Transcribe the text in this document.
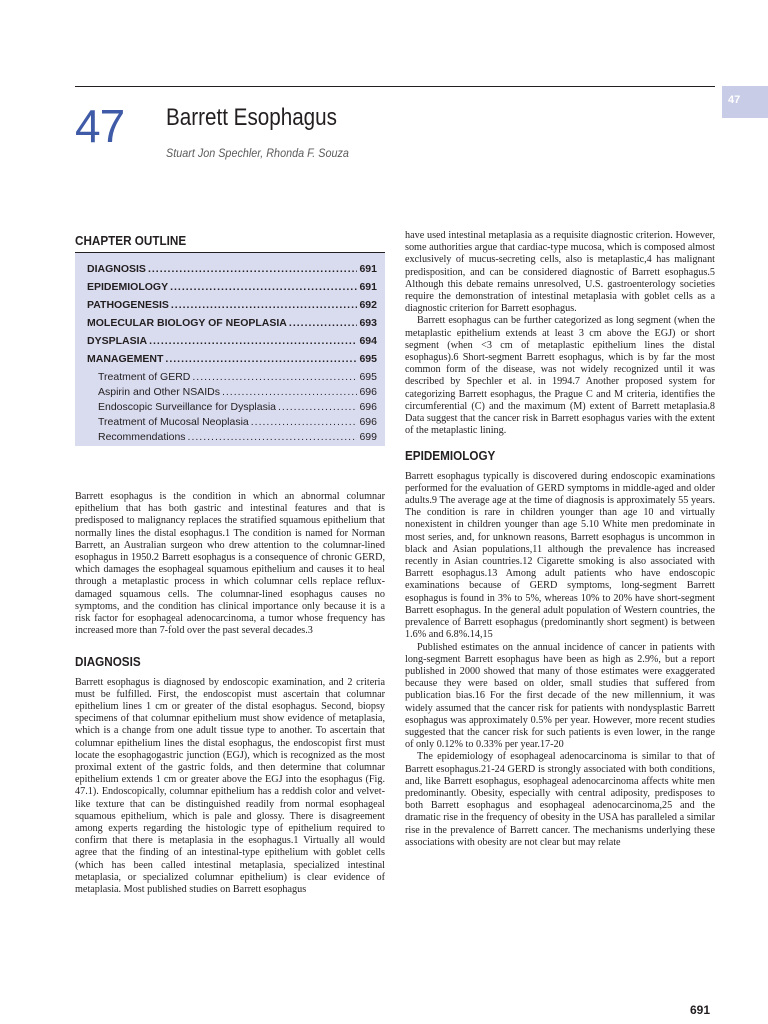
47
47 Barrett Esophagus
Stuart Jon Spechler, Rhonda F. Souza
CHAPTER OUTLINE
DIAGNOSIS .....	691
EPIDEMIOLOGY .....	691
PATHOGENESIS .....	692
MOLECULAR BIOLOGY OF NEOPLASIA .....	693
DYSPLASIA .....	694
MANAGEMENT .....	695
Treatment of GERD .....	695
Aspirin and Other NSAIDs .....	696
Endoscopic Surveillance for Dysplasia .....	696
Treatment of Mucosal Neoplasia .....	696
Recommendations .....	699

Barrett esophagus is the condition in which an abnormal columnar epithelium that has both gastric and intestinal features and that is predisposed to malignancy replaces the stratified squamous epithelium that normally lines the distal esophagus.1 The condition is named for Norman Barrett, an Australian surgeon who drew attention to the columnar-lined esophagus in 1950.2 Barrett esophagus is a consequence of chronic GERD, which damages the esophageal squamous epithelium and causes it to heal through a metaplastic process in which columnar cells replace reflux-damaged squamous cells. The columnar-lined esophagus causes no symptoms, and the condition has clinical importance only because it is a risk factor for esophageal adenocarcinoma, a tumor whose frequency has increased more than 7-fold over the past several decades.3

DIAGNOSIS

Barrett esophagus is diagnosed by endoscopic examination, and 2 criteria must be fulfilled. First, the endoscopist must ascertain that columnar epithelium lines 1 cm or greater of the distal esophagus. Second, biopsy specimens of that columnar epithelium must show evidence of metaplasia, which is a change from one adult tissue type to another. To ascertain that columnar epithelium lines the distal esophagus, the endoscopist first must locate the esophagogastric junction (EGJ), which is recognized as the most proximal extent of the gastric folds, and then determine that columnar epithelium extends 1 cm or greater above the EGJ into the esophagus (Fig. 47.1). Endoscopically, columnar epithelium has a reddish color and velvet-like texture that can be distinguished readily from normal esophageal squamous epithelium, which is pale and glossy. There is disagreement among experts regarding the histologic type of epithelium required to confirm that there is metaplasia in the esophagus.1 Virtually all would agree that the finding of an intestinal-type epithelium with goblet cells (which has been called intestinal metaplasia, specialized intestinal metaplasia, or specialized columnar epithelium) is clear evidence of metaplasia. Most published studies on Barrett esophagus

have used intestinal metaplasia as a requisite diagnostic criterion. However, some authorities argue that cardiac-type mucosa, which is composed almost exclusively of mucus-secreting cells, also is metaplastic,4 has malignant predisposition, and can be considered diagnostic of Barrett esophagus.5 Although this debate remains unresolved, U.S. gastroenterology societies require the demonstration of intestinal metaplasia with goblet cells as a diagnostic criterion for Barrett esophagus.

Barrett esophagus can be further categorized as long segment (when the metaplastic epithelium extends at least 3 cm above the EGJ) or short segment (when <3 cm of metaplastic epithelium lines the distal esophagus).6 Short-segment Barrett esophagus, which is by far the most common form of the disease, was not widely recognized until it was described by Spechler et al. in 1994.7 Another proposed system for categorizing Barrett esophagus, the Prague C and M criteria, identifies the circumferential (C) and the maximum (M) extent of Barrett metaplasia.8 Data suggest that the cancer risk in Barrett esophagus varies with the extent of the metaplastic lining.

EPIDEMIOLOGY

Barrett esophagus typically is discovered during endoscopic examinations performed for the evaluation of GERD symptoms in middle-aged and older adults.9 The average age at the time of diagnosis is approximately 55 years. The condition is rare in children younger than age 10 and virtually nonexistent in children younger than age 5.10 White men predominate in most series, and, for unknown reasons, Barrett esophagus is uncommon in black and Asian populations,11 although the prevalence has increased recently in Asian countries.12 Cigarette smoking is also associated with Barrett esophagus.13 Among adult patients who have endoscopic examinations because of GERD symptoms, long-segment Barrett esophagus is found in 3% to 5%, whereas 10% to 20% have short-segment Barrett esophagus. In the general adult population of Western countries, the prevalence of Barrett esophagus (predominantly short segment) is between 1.6% and 6.8%.14,15

Published estimates on the annual incidence of cancer in patients with long-segment Barrett esophagus have been as high as 2.9%, but a report published in 2000 showed that many of those estimates were exaggerated because they were based on older, small studies that suffered from publication bias.16 For the first decade of the new millennium, it was widely assumed that the cancer risk for patients with nondysplastic Barrett esophagus was approximately 0.5% per year. However, more recent studies suggested that the cancer risk for such patients is even lower, in the range of only 0.12% to 0.33% per year.17-20

The epidemiology of esophageal adenocarcinoma is similar to that of Barrett esophagus.21-24 GERD is strongly associated with both conditions, and, like Barrett esophagus, esophageal adenocarcinoma affects white men predominantly. Obesity, especially with central adiposity, predisposes to both Barrett esophagus and esophageal adenocarcinoma,25 and the dramatic rise in the frequency of obesity in the USA has paralleled a similar rise in the prevalence of Barrett cancer. The mechanisms underlying these associations with obesity are not clear but may relate

691
